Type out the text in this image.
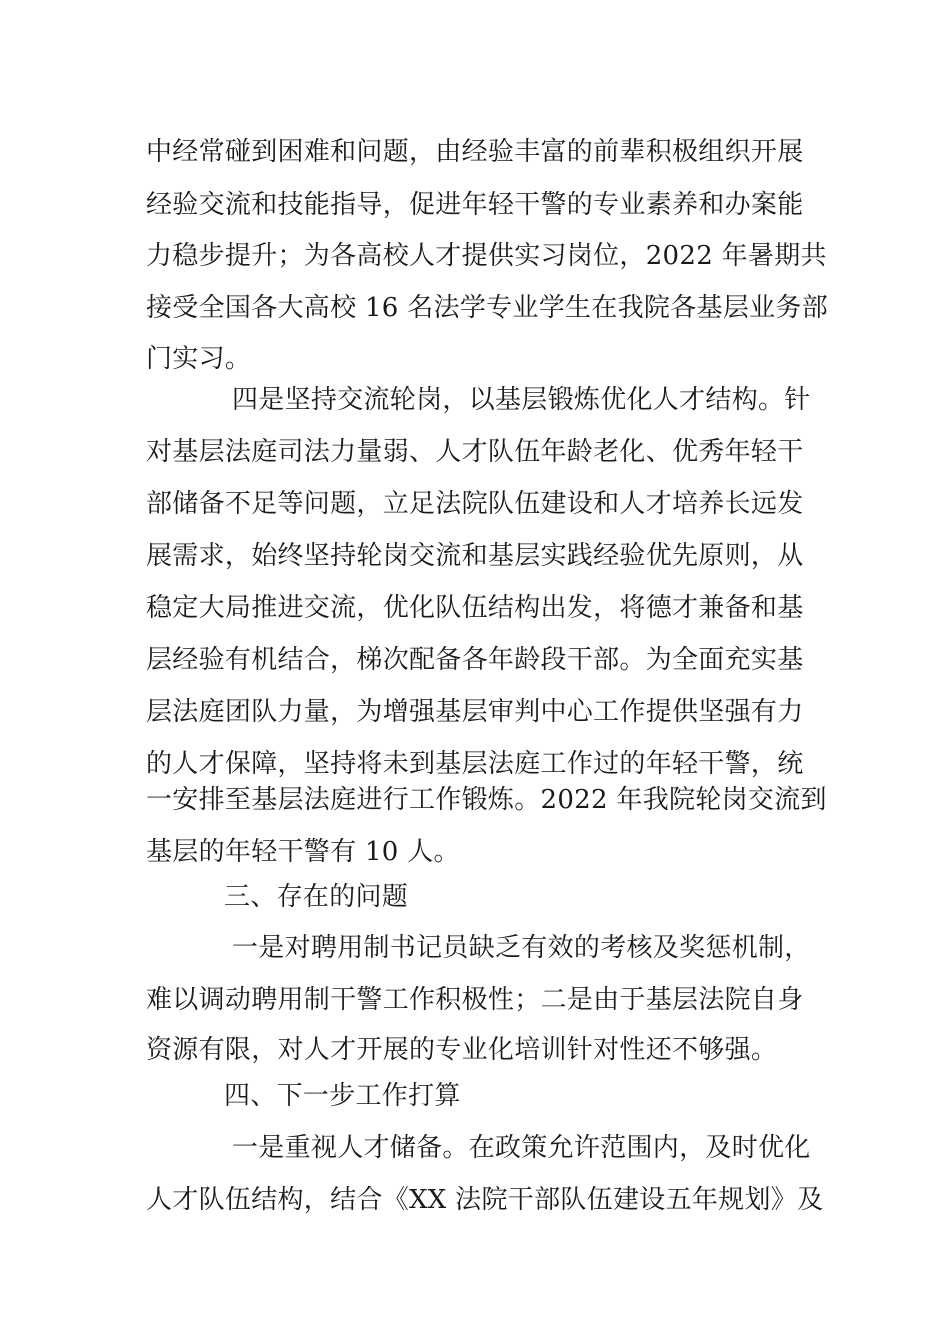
中经常碰到困难和问题，由经验丰富的前辈积极组织开展
经验交流和技能指导，促进年轻干警的专业素养和办案能
力稳步提升；为各高校人才提供实习岗位，2022 年暑期共
接受全国各大高校 16 名法学专业学生在我院各基层业务部
门实习。
四是坚持交流轮岗，以基层锻炼优化人才结构。针
对基层法庭司法力量弱、人才队伍年龄老化、优秀年轻干
部储备不足等问题，立足法院队伍建设和人才培养长远发
展需求，始终坚持轮岗交流和基层实践经验优先原则，从
稳定大局推进交流，优化队伍结构出发，将德才兼备和基
层经验有机结合，梯次配备各年龄段干部。为全面充实基
层法庭团队力量，为增强基层审判中心工作提供坚强有力
的人才保障，坚持将未到基层法庭工作过的年轻干警，统
一安排至基层法庭进行工作锻炼。2022 年我院轮岗交流到
基层的年轻干警有 10 人。
三、存在的问题
一是对聘用制书记员缺乏有效的考核及奖惩机制，
难以调动聘用制干警工作积极性；二是由于基层法院自身
资源有限，对人才开展的专业化培训针对性还不够强。
四、下一步工作打算
一是重视人才储备。在政策允许范围内，及时优化
人才队伍结构，结合《XX 法院干部队伍建设五年规划》及
